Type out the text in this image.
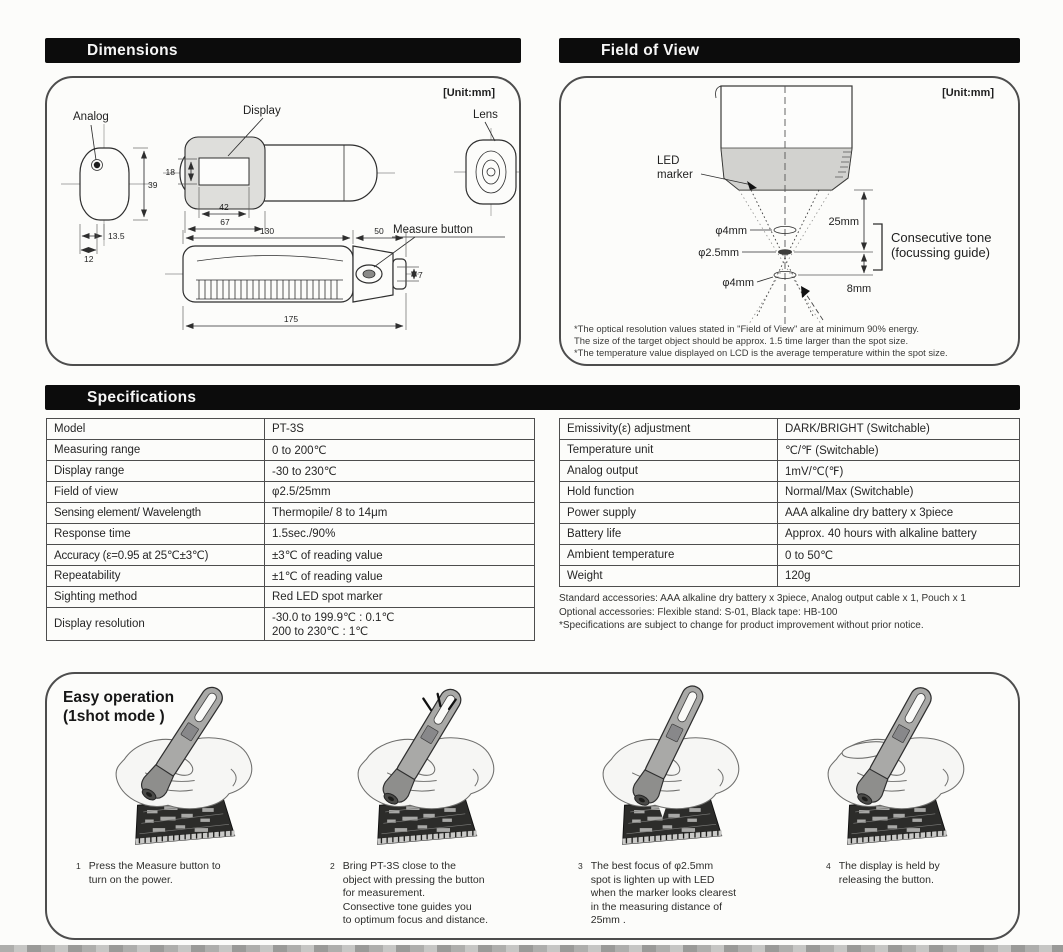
Dimensions	Field of View
[Unit:mm]
Analog
39
13.5
12
Display
18
42
67
Lens
Measure button
130	50
7
175
[Unit:mm]
LED
marker
φ4mm
φ2.5mm
φ4mm
25mm
8mm
Consecutive tone
(focussing guide)
*The optical resolution values stated in "Field of View" are at minimum 90% energy.
The size of the target object should be approx. 1.5 time larger than the spot size.
*The temperature value displayed on LCD is the average temperature within the spot size.
Specifications
Model	PT-3S
Measuring range	0 to 200℃
Display range	-30 to 230℃
Field of view	φ2.5/25mm
Sensing element/ Wavelength	Thermopile/ 8 to 14μm
Response time	1.5sec./90%
Accuracy (ε=0.95 at 25℃±3℃)	±3℃ of reading value
Repeatability	±1℃ of reading value
Sighting method	Red LED spot marker
Display resolution	-30.0 to 199.9℃ : 0.1℃
200 to 230℃ : 1℃
Emissivity(ε) adjustment	DARK/BRIGHT (Switchable)
Temperature unit	℃/℉ (Switchable)
Analog output	1mV/℃(℉)
Hold function	Normal/Max (Switchable)
Power supply	AAA alkaline dry battery x 3piece
Battery life	Approx. 40 hours with alkaline battery
Ambient temperature	0 to 50℃
Weight	120g
Standard accessories: AAA alkaline dry battery x 3piece, Analog output cable x 1, Pouch x 1
Optional accessories: Flexible stand: S-01, Black tape: HB-100
*Specifications are subject to change for product improvement without prior notice.
Easy operation
(1shot mode )
1 Press the Measure button to
turn on the power.
2 Bring PT-3S close to the
object with pressing the button
for measurement.
Consective tone guides you
to optimum focus and distance.
3 The best focus of φ2.5mm
spot is lighten up with LED
when the marker looks clearest
in the measuring distance of
25mm .
4 The display is held by
releasing the button.
